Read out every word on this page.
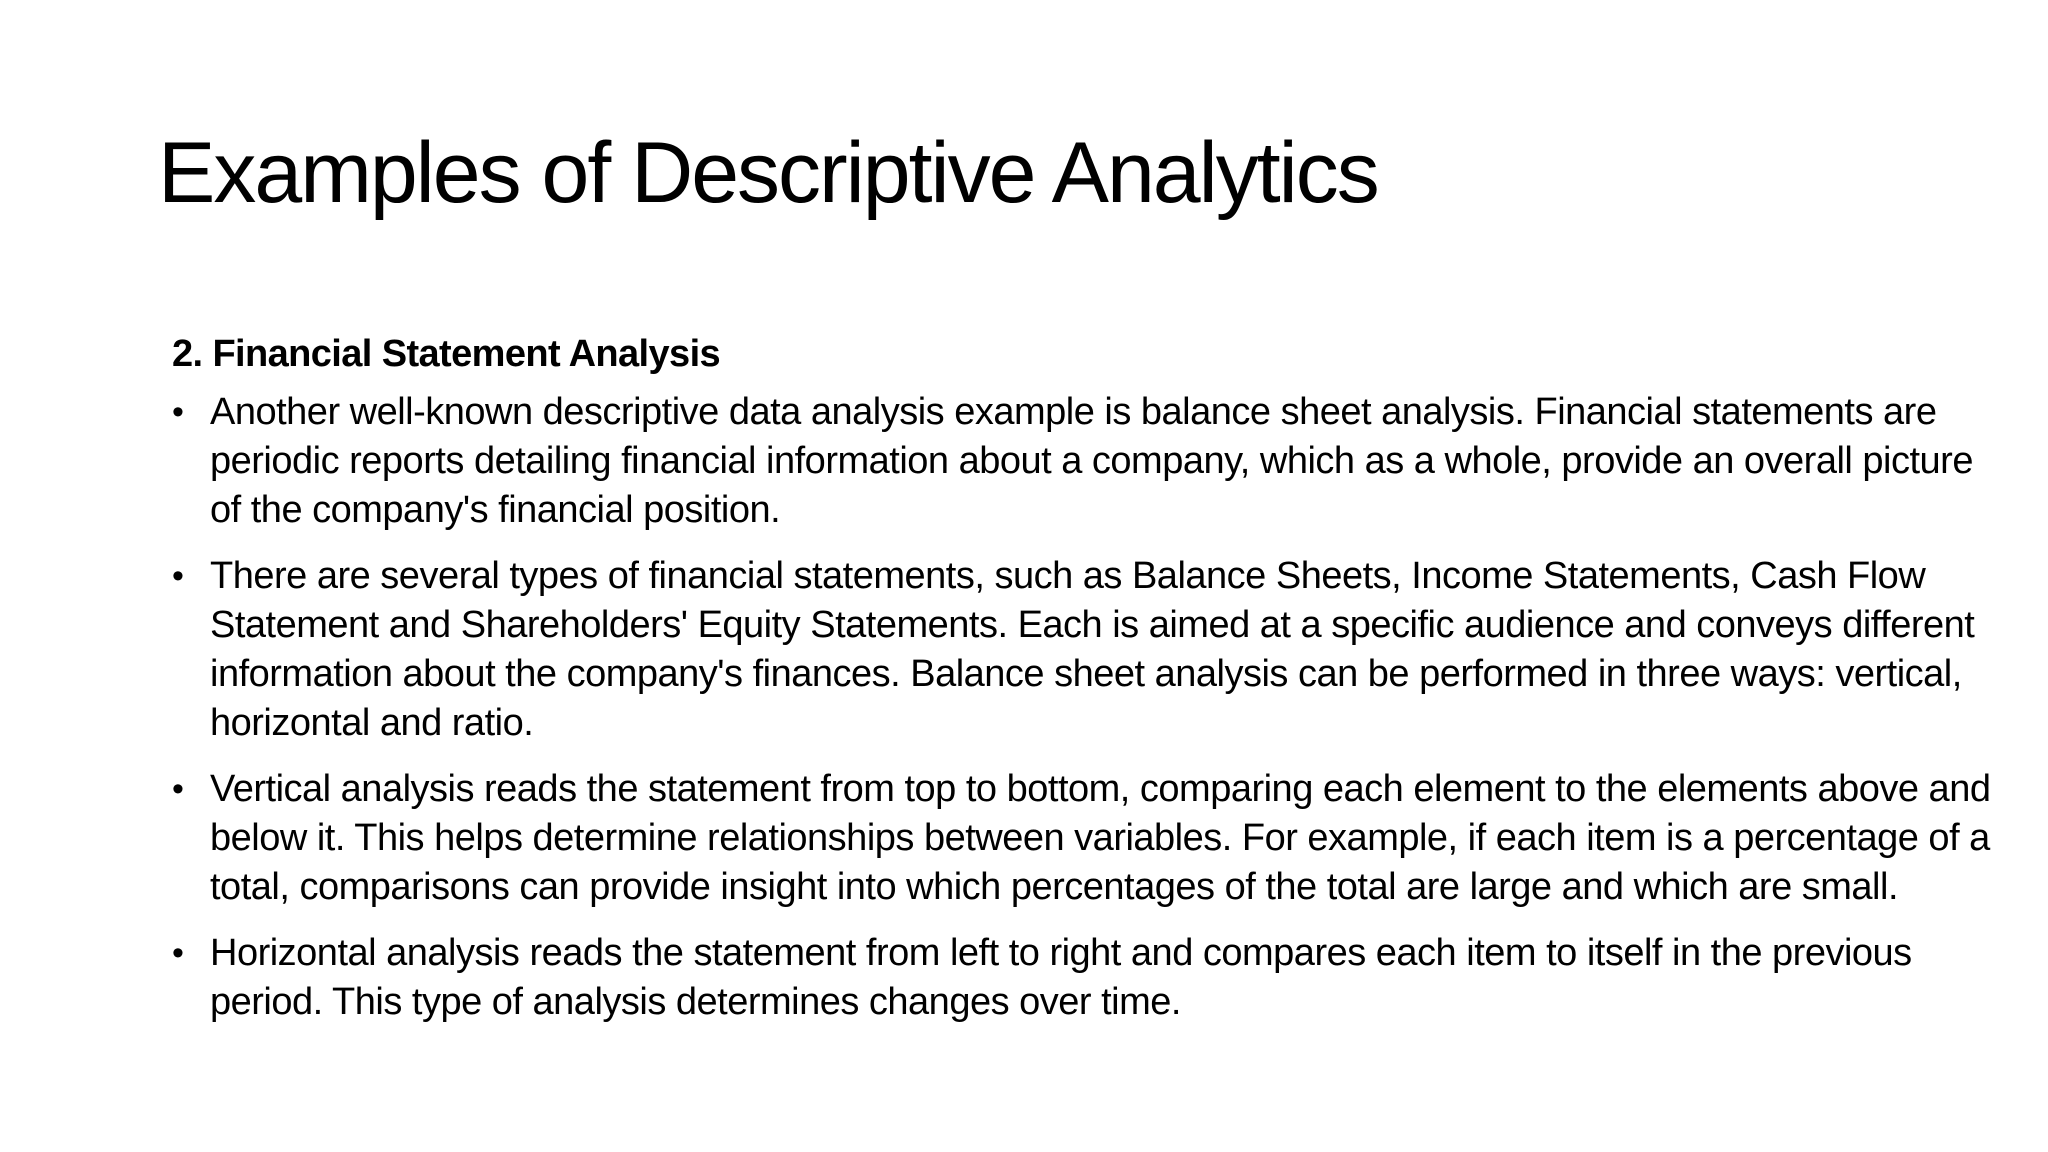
Examples of Descriptive Analytics

2. Financial Statement Analysis

• Another well-known descriptive data analysis example is balance sheet analysis. Financial statements are periodic reports detailing financial information about a company, which as a whole, provide an overall picture of the company's financial position.
• There are several types of financial statements, such as Balance Sheets, Income Statements, Cash Flow Statement and Shareholders' Equity Statements. Each is aimed at a specific audience and conveys different information about the company's finances. Balance sheet analysis can be performed in three ways: vertical, horizontal and ratio.
• Vertical analysis reads the statement from top to bottom, comparing each element to the elements above and below it. This helps determine relationships between variables. For example, if each item is a percentage of a total, comparisons can provide insight into which percentages of the total are large and which are small.
• Horizontal analysis reads the statement from left to right and compares each item to itself in the previous period. This type of analysis determines changes over time.
